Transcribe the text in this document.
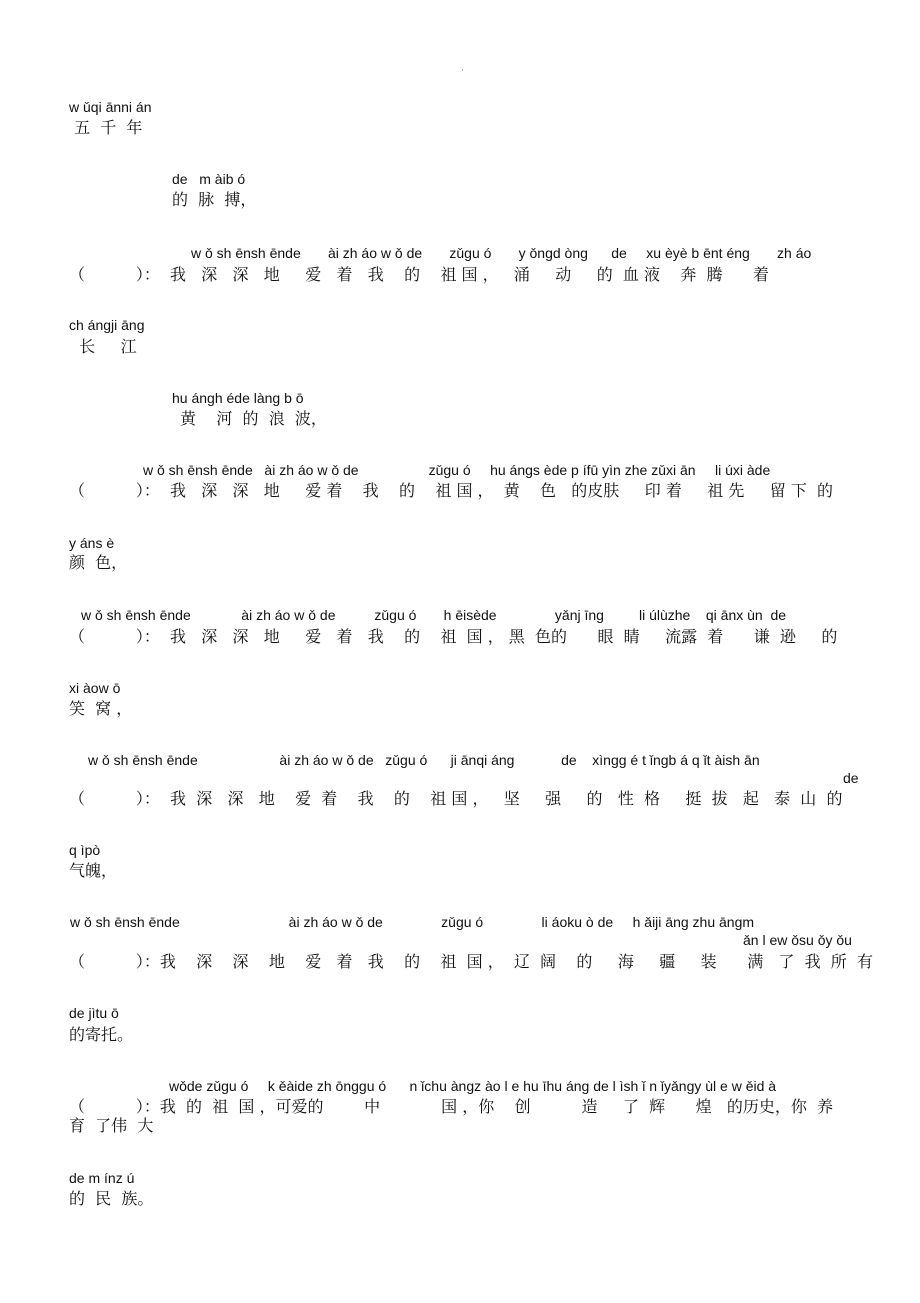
·
w ǔqi ānni án
五  千  年
de   m àib ó
的  脉  搏，
w ǒ sh ēnsh ēnde       ài zh áo w ǒ de       zǔgu ó       y ǒngd òng      de     xu èyè b ēnt éng       zh áo
（          ）：  我   深   深   地     爱   着   我    的    祖 国 ，   涌     动     的  血 液    奔  腾      着
ch ángji āng
长     江
hu ángh éde làng b ō
黄    河  的  浪  波，
w ǒ sh ēnsh ēnde   ài zh áo w ǒ de                  zǔgu ó     hu ángs ède p ífū yìn zhe zǔxi ān     li úxi àde
（          ）：  我   深   深   地     爱 着    我    的    祖 国 ，  黄    色   的皮肤     印 着     祖 先     留 下  的
y áns è
颜  色，
w ǒ sh ēnsh ēnde             ài zh áo w ǒ de          zǔgu ó       h ēisède               yǎnj īng         li úlùzhe    qi ānx ùn  de
（          ）：  我   深   深   地     爱   着   我    的    祖  国 ， 黑  色的      眼  睛     流露  着      谦  逊     的
xi àow ō
笑  窝 ，
w ǒ sh ēnsh ēnde                     ài zh áo w ǒ de   zǔgu ó      ji ānqi áng            de    xìngg é t ǐngb á q ǐt àish ān
de
（          ）：  我  深   深   地    爱  着    我    的    祖 国 ，   坚     强     的   性  格     挺  拔   起   泰  山  的
q ìpò
气魄，
w ǒ sh ēnsh ēnde                            ài zh áo w ǒ de               zǔgu ó               li áoku ò de     h ǎiji āng zhu āngm
ǎn l ew ǒsu ǒy ǒu
（          ）：我    深    深    地    爱   着   我    的    祖  国 ，  辽  阔    的     海     疆     装      满   了  我  所  有
de jìtu ō
的寄托。
wǒde zǔgu ó     k ěàide zh ōnggu ó      n ǐchu àngz ào l e hu īhu áng de l ìsh ǐ n ǐyǎngy ùl e w ěid à
（          ）：我  的  祖  国 ，可爱的        中            国 ，你    创          造     了  辉      煌   的历史，你  养
育  了伟  大
de m ínz ú
的  民  族。
